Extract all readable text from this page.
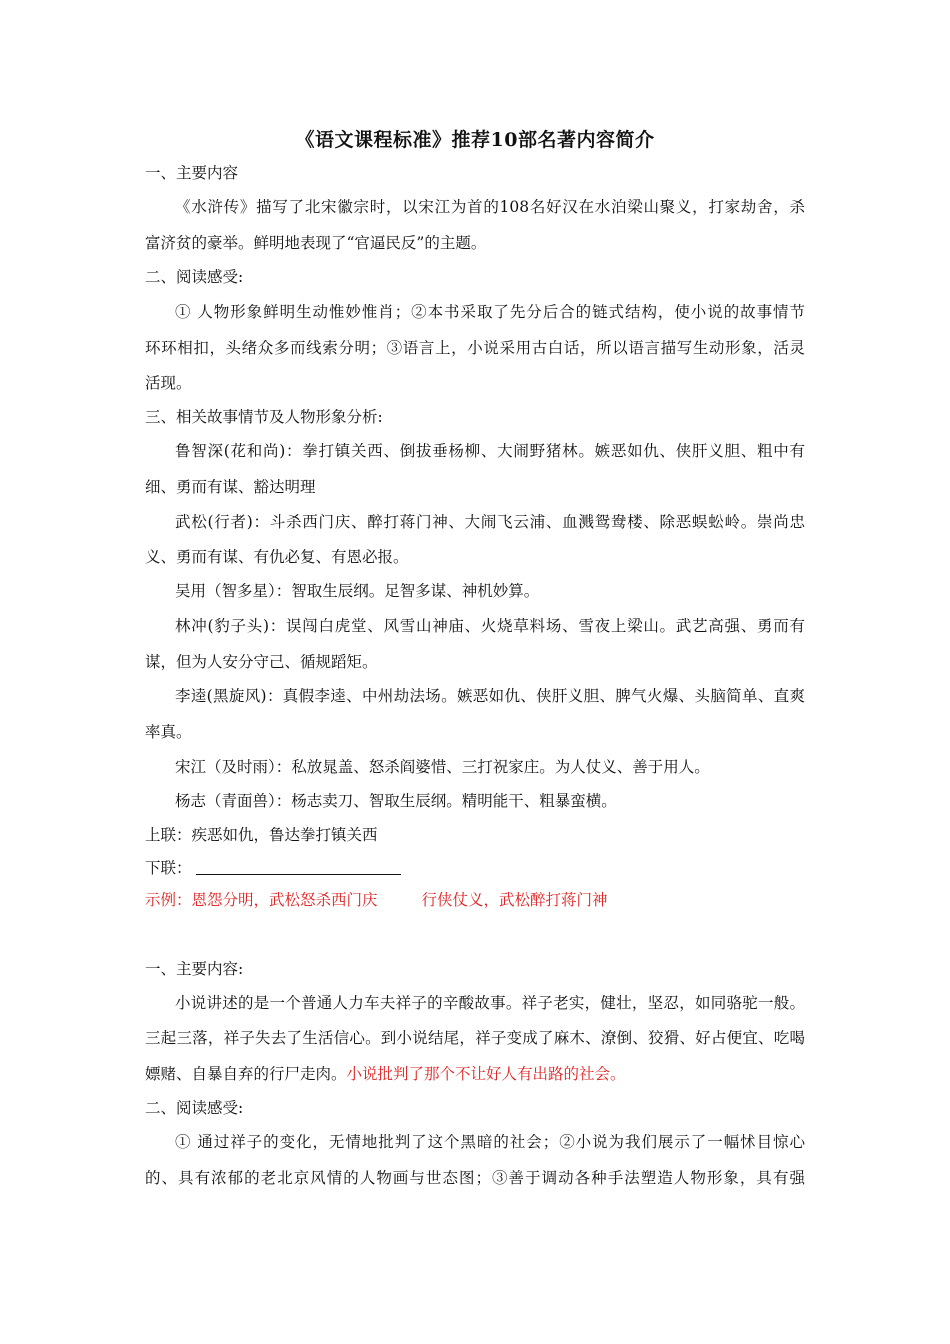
《语文课程标准》推荐10部名著内容简介

一、主要内容

《水浒传》描写了北宋徽宗时，以宋江为首的108名好汉在水泊梁山聚义，打家劫舍，杀

富济贫的豪举。鲜明地表现了“官逼民反”的主题。

二、阅读感受:

① 人物形象鲜明生动惟妙惟肖；②本书采取了先分后合的链式结构，使小说的故事情节

环环相扣，头绪众多而线索分明；③语言上，小说采用古白话，所以语言描写生动形象，活灵

活现。

三、相关故事情节及人物形象分析:

鲁智深(花和尚)：拳打镇关西、倒拔垂杨柳、大闹野猪林。嫉恶如仇、侠肝义胆、粗中有

细、勇而有谋、豁达明理

武松(行者)：斗杀西门庆、醉打蒋门神、大闹飞云浦、血溅鸳鸯楼、除恶蜈蚣岭。崇尚忠

义、勇而有谋、有仇必复、有恩必报。

吴用（智多星）：智取生辰纲。足智多谋、神机妙算。

林冲(豹子头)：误闯白虎堂、风雪山神庙、火烧草料场、雪夜上梁山。武艺高强、勇而有

谋，但为人安分守己、循规蹈矩。

李逵(黑旋风)：真假李逵、中州劫法场。嫉恶如仇、侠肝义胆、脾气火爆、头脑简单、直爽

率真。

宋江（及时雨）：私放晁盖、怒杀阎婆惜、三打祝家庄。为人仗义、善于用人。

杨志（青面兽）：杨志卖刀、智取生辰纲。精明能干、粗暴蛮横。

上联：疾恶如仇，鲁达拳打镇关西

下联：

示例：恩怨分明，武松怒杀西门庆	行侠仗义，武松醉打蒋门神

一、主要内容:

小说讲述的是一个普通人力车夫祥子的辛酸故事。祥子老实，健壮，坚忍，如同骆驼一般。

三起三落，祥子失去了生活信心。到小说结尾，祥子变成了麻木、潦倒、狡猾、好占便宜、吃喝

嫖赌、自暴自弃的行尸走肉。小说批判了那个不让好人有出路的社会。

二、阅读感受:

① 通过祥子的变化，无情地批判了这个黑暗的社会；②小说为我们展示了一幅怵目惊心

的、具有浓郁的老北京风情的人物画与世态图；③善于调动各种手法塑造人物形象，具有强
